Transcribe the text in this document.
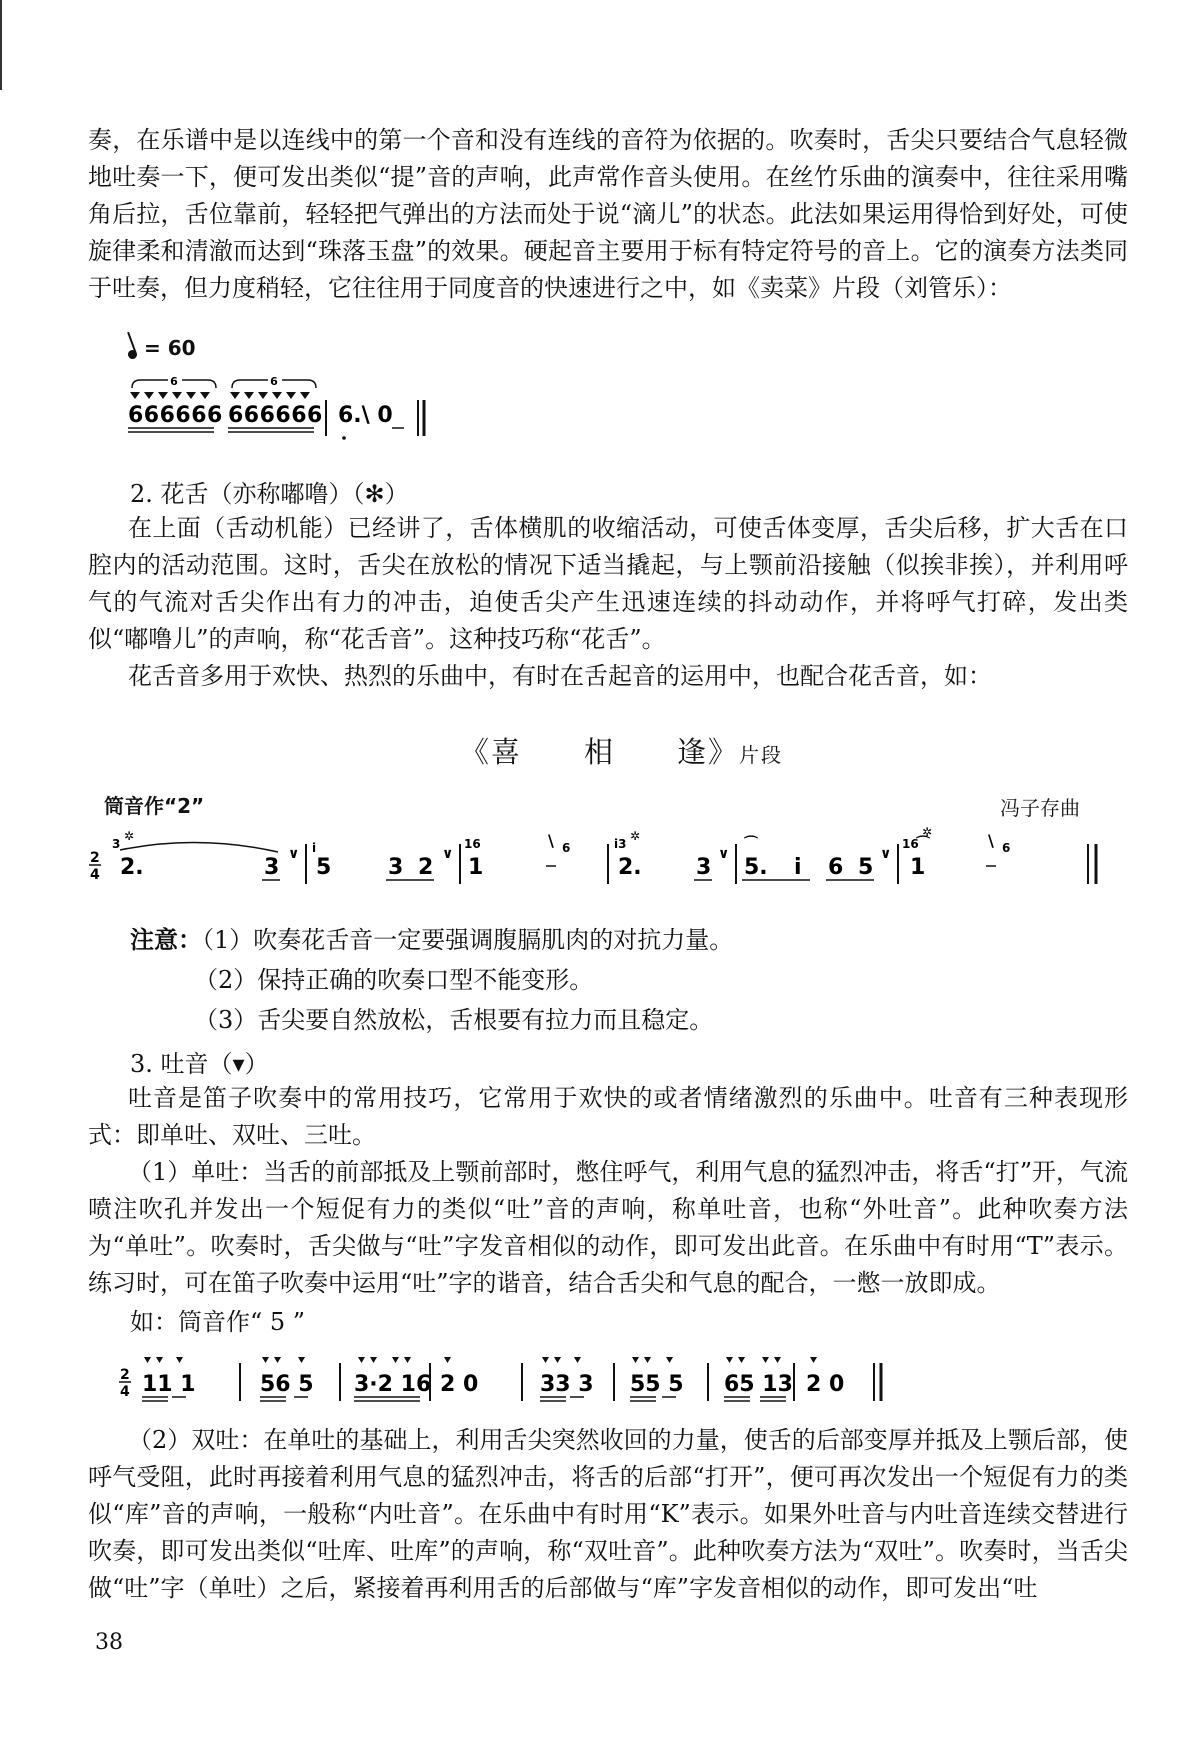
奏，在乐谱中是以连线中的第一个音和没有连线的音符为依据的。吹奏时，舌尖只要结合气息轻微地吐奏一下，便可发出类似“提”音的声响，此声常作音头使用。在丝竹乐曲的演奏中，往往采用嘴角后拉，舌位靠前，轻轻把气弹出的方法而处于说“滴儿”的状态。此法如果运用得恰到好处，可使旋律柔和清澈而达到“珠落玉盘”的效果。硬起音主要用于标有特定符号的音上。它的演奏方法类同于吐奏，但力度稍轻，它往往用于同度音的快速进行之中，如《卖菜》片段（刘管乐）：

= 60
6	6
666666 666666 6.\ 0
2. 花舌（亦称嘟噜）（✻）

在上面（舌动机能）已经讲了，舌体横肌的收缩活动，可使舌体变厚，舌尖后移，扩大舌在口腔内的活动范围。这时，舌尖在放松的情况下适当撬起，与上颚前沿接触（似挨非挨），并利用呼气的气流对舌尖作出有力的冲击，迫使舌尖产生迅速连续的抖动动作，并将呼气打碎，发出类似“嘟噜儿”的声响，称“花舌音”。这种技巧称“花舌”。

花舌音多用于欢快、热烈的乐曲中，有时在舌起音的运用中，也配合花舌音，如：

《喜　　相　　逢》片段
筒音作“2”	冯子存曲
2
4
3
✲
2.	3
∨ i
5	3 2
∨
16
1
\ 6	i3
✲
2. 3
∨
⌒
5. i 6 5
∨
16
✲
⌒
1
\ 6
注意：（1）吹奏花舌音一定要强调腹膈肌肉的对抗力量。
（2）保持正确的吹奏口型不能变形。
（3）舌尖要自然放松，舌根要有拉力而且稳定。
3. 吐音（▾）

吐音是笛子吹奏中的常用技巧，它常用于欢快的或者情绪激烈的乐曲中。吐音有三种表现形式：即单吐、双吐、三吐。

（1）单吐：当舌的前部抵及上颚前部时，憋住呼气，利用气息的猛烈冲击，将舌“打”开，气流喷注吹孔并发出一个短促有力的类似“吐”音的声响，称单吐音，也称“外吐音”。此种吹奏方法为“单吐”。吹奏时，舌尖做与“吐”字发音相似的动作，即可发出此音。在乐曲中有时用“T”表示。练习时，可在笛子吹奏中运用“吐”字的谐音，结合舌尖和气息的配合，一憋一放即成。

如：筒音作“ 5 ”
2
4 11 1	56 5 3·2 16 2 0	33 3 55 5 65 13 2 0

（2）双吐：在单吐的基础上，利用舌尖突然收回的力量，使舌的后部变厚并抵及上颚后部，使呼气受阻，此时再接着利用气息的猛烈冲击，将舌的后部“打开”，便可再次发出一个短促有力的类似“库”音的声响，一般称“内吐音”。在乐曲中有时用“K”表示。如果外吐音与内吐音连续交替进行吹奏，即可发出类似“吐库、吐库”的声响，称“双吐音”。此种吹奏方法为“双吐”。吹奏时，当舌尖做“吐”字（单吐）之后，紧接着再利用舌的后部做与“库”字发音相似的动作，即可发出“吐

38
